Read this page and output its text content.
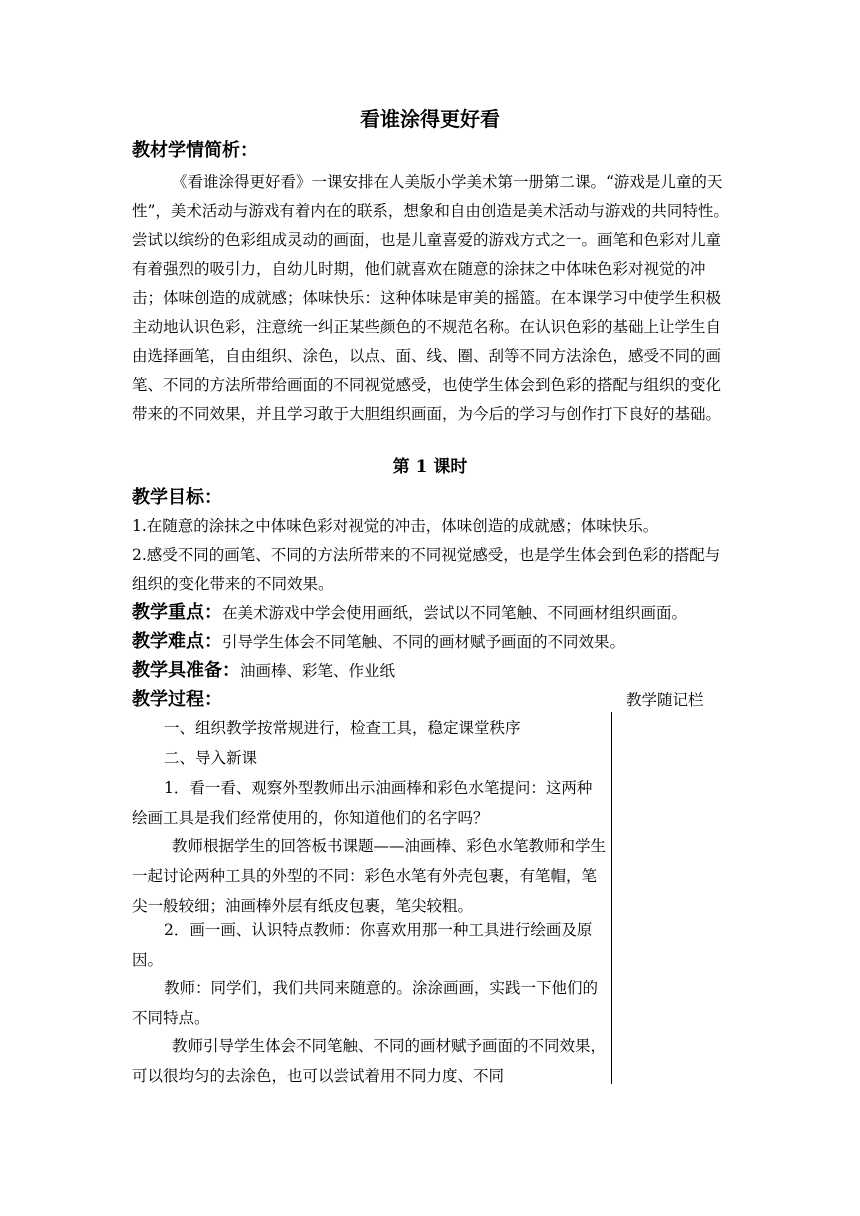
看谁涂得更好看
教材学情简析：

《看谁涂得更好看》一课安排在人美版小学美术第一册第二课。“游戏是儿童的天性”，美术活动与游戏有着内在的联系，想象和自由创造是美术活动与游戏的共同特性。尝试以缤纷的色彩组成灵动的画面，也是儿童喜爱的游戏方式之一。画笔和色彩对儿童有着强烈的吸引力，自幼儿时期，他们就喜欢在随意的涂抹之中体味色彩对视觉的冲击；体味创造的成就感；体味快乐：这种体味是审美的摇篮。在本课学习中使学生积极主动地认识色彩，注意统一纠正某些颜色的不规范名称。在认识色彩的基础上让学生自由选择画笔，自由组织、涂色，以点、面、线、圈、刮等不同方法涂色，感受不同的画笔、不同的方法所带给画面的不同视觉感受，也使学生体会到色彩的搭配与组织的变化带来的不同效果，并且学习敢于大胆组织画面，为今后的学习与创作打下良好的基础。

第 1 课时
教学目标：
1.在随意的涂抹之中体味色彩对视觉的冲击，体味创造的成就感；体味快乐。

2.感受不同的画笔、不同的方法所带来的不同视觉感受，也是学生体会到色彩的搭配与组织的变化带来的不同效果。

教学重点：在美术游戏中学会使用画纸，尝试以不同笔触、不同画材组织画面。
教学难点：引导学生体会不同笔触、不同的画材赋予画面的不同效果。
教学具准备：油画棒、彩笔、作业纸
教学过程：	教学随记栏

一、组织教学按常规进行，检查工具，稳定课堂秩序

二、导入新课

1．看一看、观察外型教师出示油画棒和彩色水笔提问：这两种绘画工具是我们经常使用的，你知道他们的名字吗？

教师根据学生的回答板书课题——油画棒、彩色水笔教师和学生一起讨论两种工具的外型的不同：彩色水笔有外壳包裹，有笔帽，笔尖一般较细；油画棒外层有纸皮包裹，笔尖较粗。

2．画一画、认识特点教师：你喜欢用那一种工具进行绘画及原因。

教师：同学们，我们共同来随意的。涂涂画画，实践一下他们的不同特点。

教师引导学生体会不同笔触、不同的画材赋予画面的不同效果，可以很均匀的去涂色，也可以尝试着用不同力度、不同
